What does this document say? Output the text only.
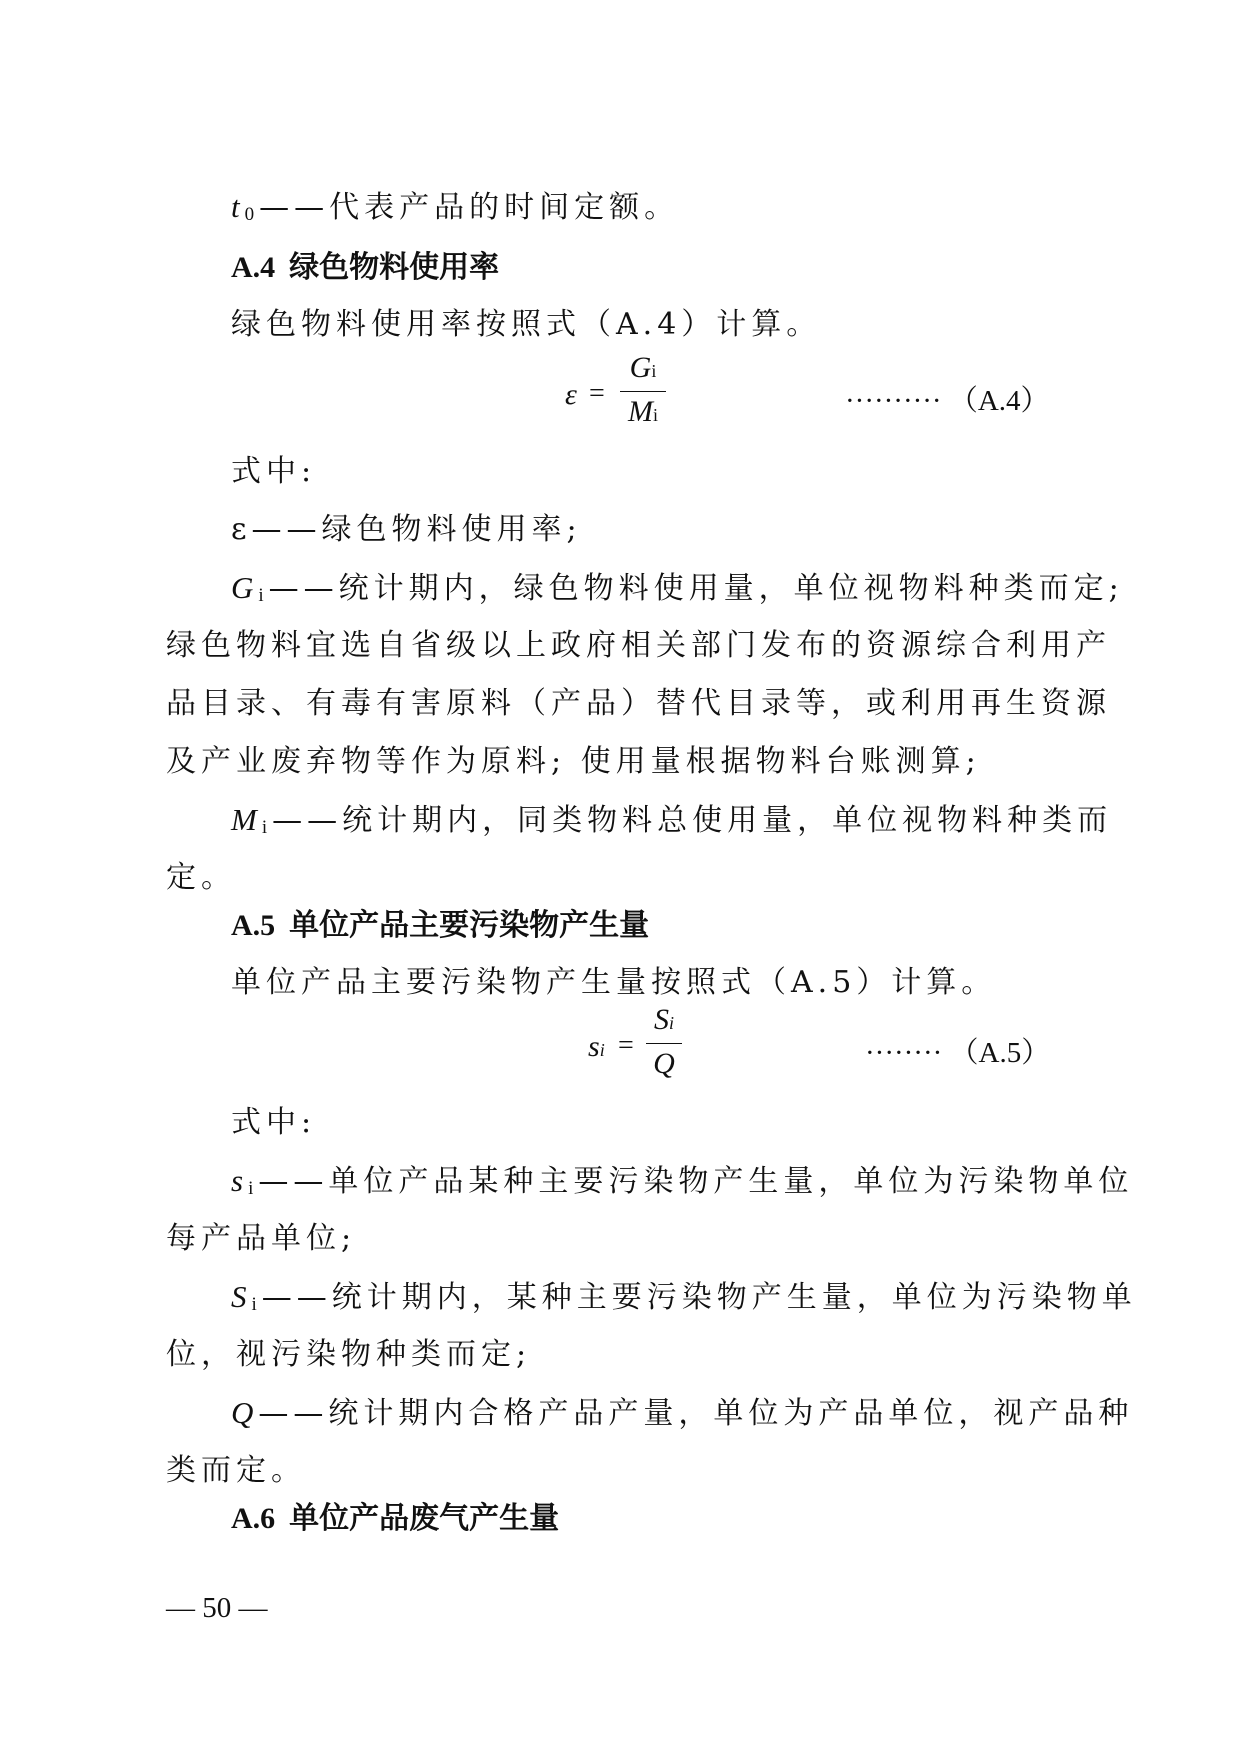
t0——代表产品的时间定额。
A.4 绿色物料使用率
绿色物料使用率按照式（A.4）计算。
ε =
Gi
Mi	·········· （A.4）
式中:
ε——绿色物料使用率;
Gi——统计期内，绿色物料使用量，单位视物料种类而定;
绿色物料宜选自省级以上政府相关部门发布的资源综合利用产
品目录、有毒有害原料（产品）替代目录等，或利用再生资源
及产业废弃物等作为原料; 使用量根据物料台账测算;
Mi——统计期内，同类物料总使用量，单位视物料种类而
定。
A.5 单位产品主要污染物产生量
单位产品主要污染物产生量按照式（A.5）计算。
si =
Si
Q	········ （A.5）
式中:
si——单位产品某种主要污染物产生量，单位为污染物单位
每产品单位;
Si——统计期内，某种主要污染物产生量，单位为污染物单
位，视污染物种类而定;
Q——统计期内合格产品产量，单位为产品单位，视产品种
类而定。
A.6 单位产品废气产生量
— 50 —
